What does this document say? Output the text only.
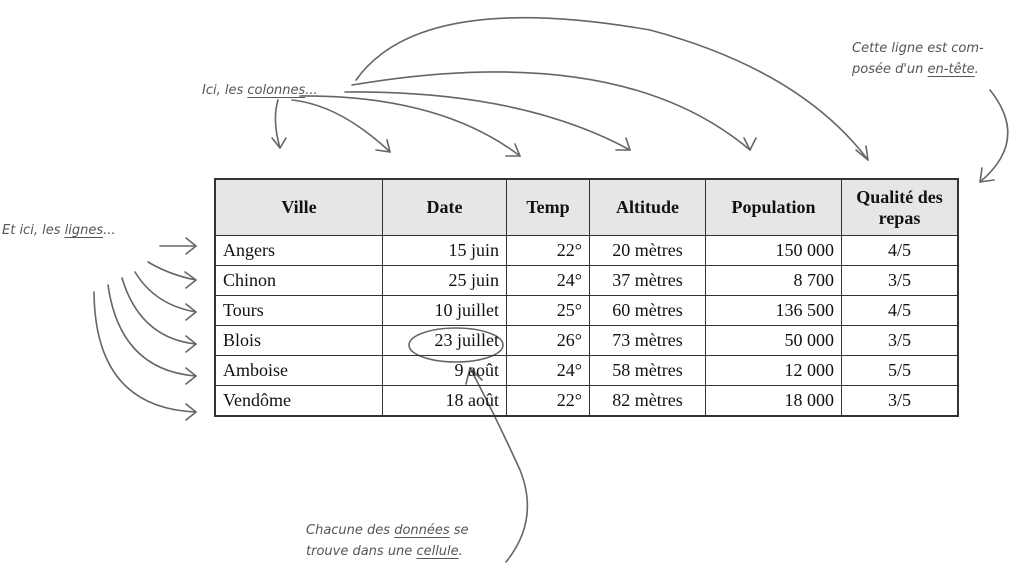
Ici, les colonnes...
Cette ligne est com-
posée d'un en-tête.
Et ici, les lignes...
Chacune des données se
trouve dans une cellule.
Ville	Date	Temp	Altitude	Population	Qualité des repas
Angers	15 juin	22°	20 mètres	150 000	4/5
Chinon	25 juin	24°	37 mètres	8 700	3/5
Tours	10 juillet	25°	60 mètres	136 500	4/5
Blois	23 juillet	26°	73 mètres	50 000	3/5
Amboise	9 août	24°	58 mètres	12 000	5/5
Vendôme	18 août	22°	82 mètres	18 000	3/5
